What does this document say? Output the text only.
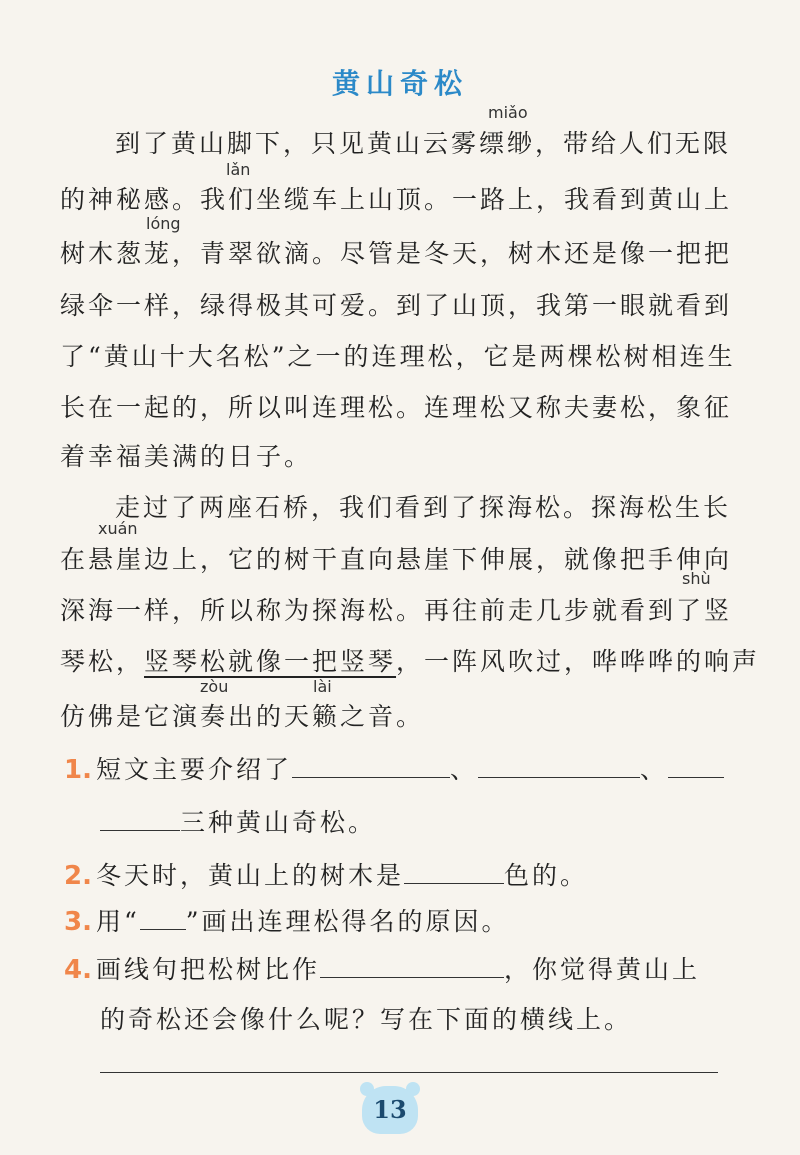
黄山奇松
miǎo
lǎn
lóng
xuán
shù
zòu	lài
到了黄山脚下，只见黄山云雾缥缈，带给人们无限
的神秘感。我们坐缆车上山顶。一路上，我看到黄山上
树木葱茏，青翠欲滴。尽管是冬天，树木还是像一把把
绿伞一样，绿得极其可爱。到了山顶，我第一眼就看到
了“黄山十大名松”之一的连理松，它是两棵松树相连生
长在一起的，所以叫连理松。连理松又称夫妻松，象征
着幸福美满的日子。
走过了两座石桥，我们看到了探海松。探海松生长
在悬崖边上，它的树干直向悬崖下伸展，就像把手伸向
深海一样，所以称为探海松。再往前走几步就看到了竖
琴松，竖琴松就像一把竖琴，一阵风吹过，哗哗哗的响声
仿佛是它演奏出的天籁之音。
1. 短文主要介绍了	、	、
三种黄山奇松。
2. 冬天时，黄山上的树木是	色的。
3. 用“ ”画出连理松得名的原因。
4. 画线句把松树比作	，你觉得黄山上
的奇松还会像什么呢？写在下面的横线上。
13
